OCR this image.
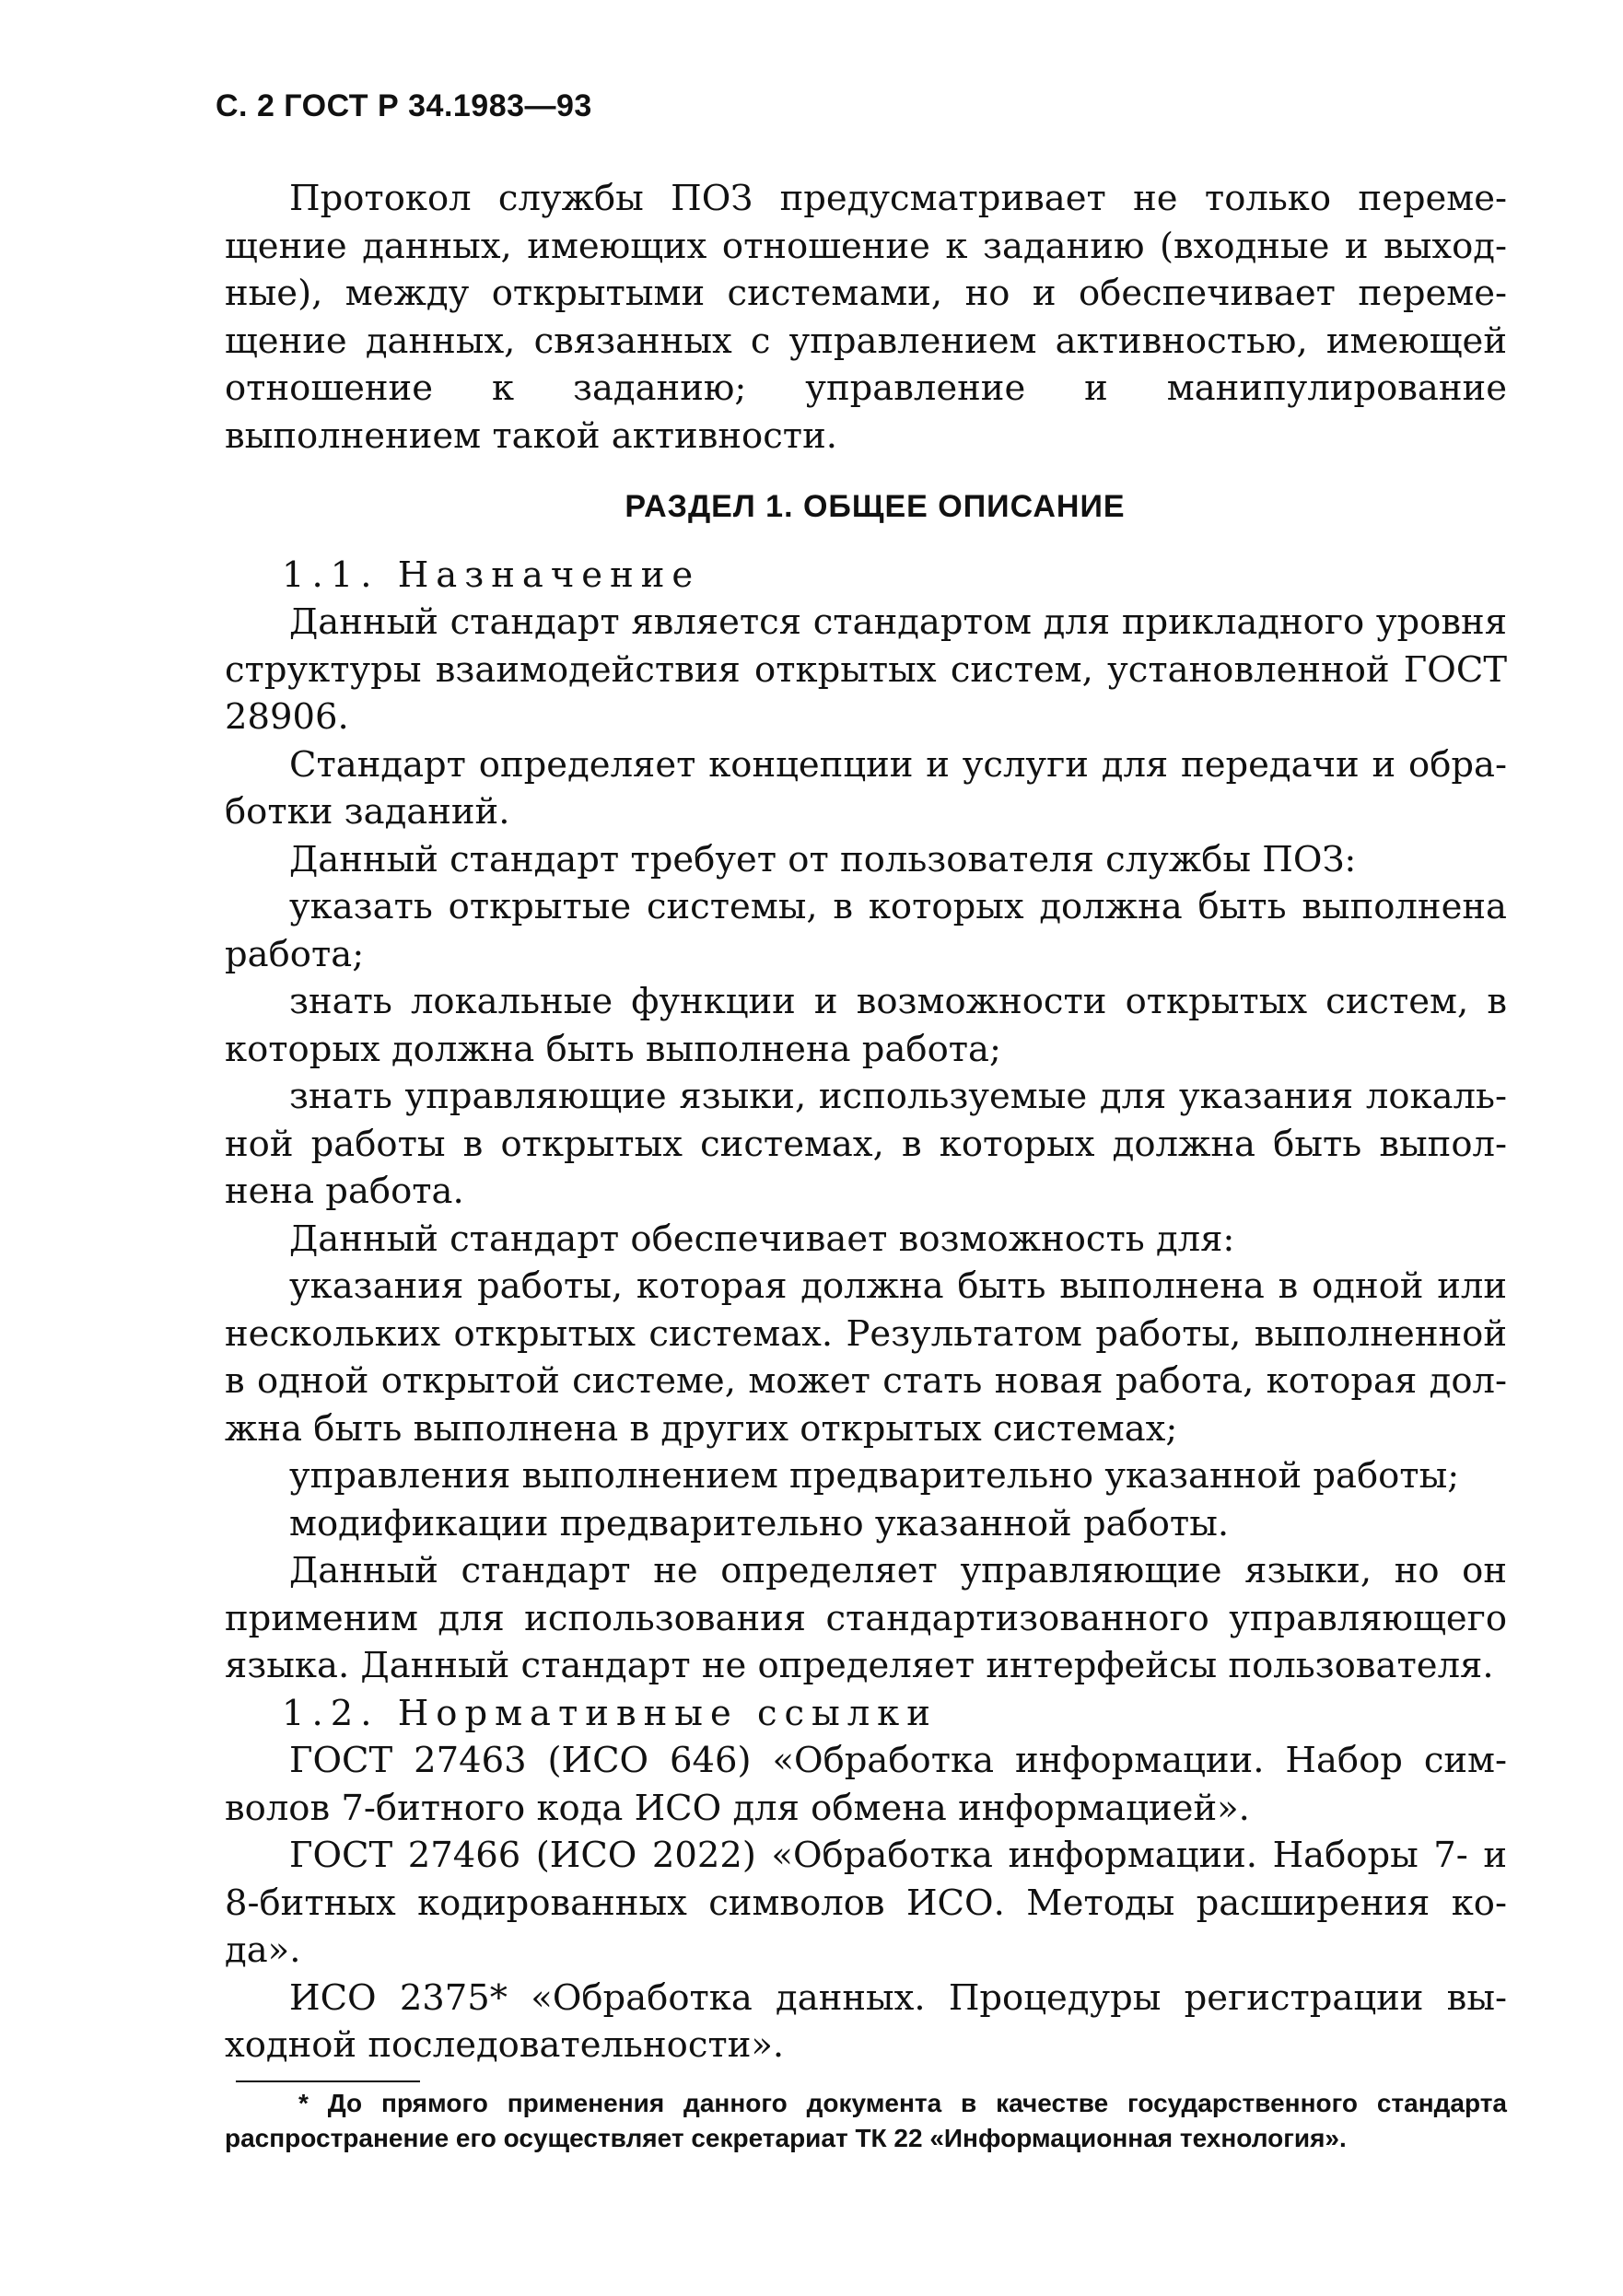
С. 2 ГОСТ Р 34.1983—93

Протокол службы ПОЗ предусматривает не только перемещение данных, имеющих отношение к заданию (входные и выходные), между открытыми системами, но и обеспечивает перемещение данных, связанных с управлением активностью, имеющей отношение к заданию; управление и манипулирование выполнением такой активности.

РАЗДЕЛ 1. ОБЩЕЕ ОПИСАНИЕ

1.1. Назначение

Данный стандарт является стандартом для прикладного уровня структуры взаимодействия открытых систем, установленной ГОСТ 28906.

Стандарт определяет концепции и услуги для передачи и обработки заданий.

Данный стандарт требует от пользователя службы ПОЗ:

указать открытые системы, в которых должна быть выполнена работа;

знать локальные функции и возможности открытых систем, в которых должна быть выполнена работа;

знать управляющие языки, используемые для указания локальной работы в открытых системах, в которых должна быть выполнена работа.

Данный стандарт обеспечивает возможность для:

указания работы, которая должна быть выполнена в одной или нескольких открытых системах. Результатом работы, выполненной в одной открытой системе, может стать новая работа, которая должна быть выполнена в других открытых системах;

управления выполнением предварительно указанной работы;

модификации предварительно указанной работы.

Данный стандарт не определяет управляющие языки, но он применим для использования стандартизованного управляющего языка. Данный стандарт не определяет интерфейсы пользователя.

1.2. Нормативные ссылки

ГОСТ 27463 (ИСО 646) «Обработка информации. Набор символов 7-битного кода ИСО для обмена информацией».

ГОСТ 27466 (ИСО 2022) «Обработка информации. Наборы 7- и 8-битных кодированных символов ИСО. Методы расширения кода».

ИСО 2375* «Обработка данных. Процедуры регистрации выходной последовательности».

* До прямого применения данного документа в качестве государственного стандарта распространение его осуществляет секретариат ТК 22 «Информационная технология».
